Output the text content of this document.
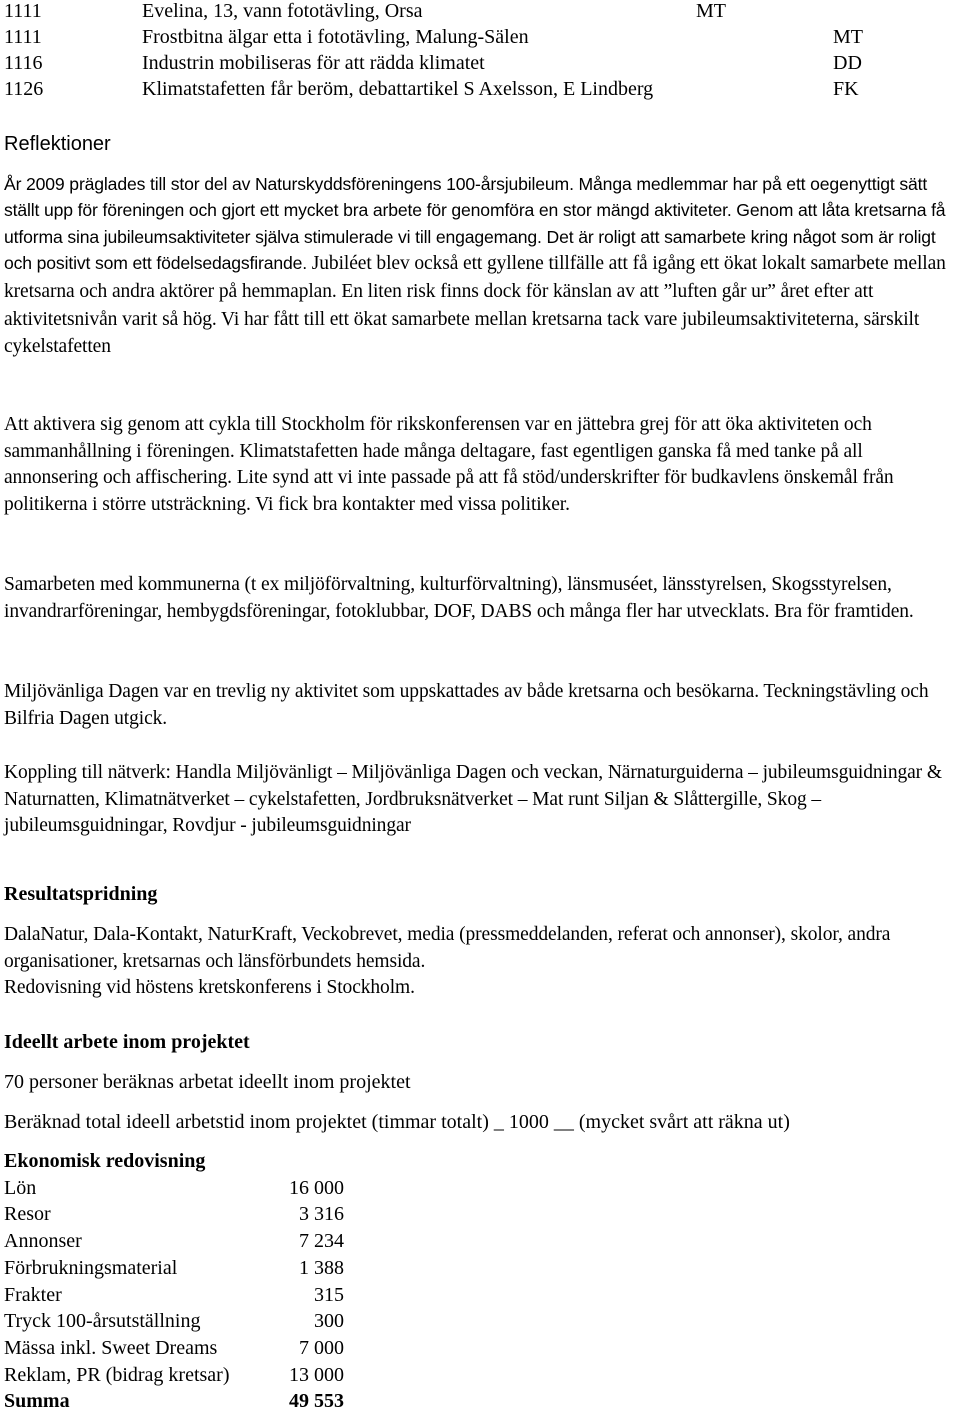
1111	Evelina, 13, vann fototävling, Orsa	MT
1111	Frostbitna älgar etta i fototävling, Malung-Sälen	MT
1116	Industrin mobiliseras för att rädda klimatet	DD
1126	Klimatstafetten får beröm, debattartikel S Axelsson, E Lindberg	FK
Reflektioner
År 2009 präglades till stor del av Naturskyddsföreningens 100-årsjubileum. Många medlemmar har på ett oegenyttigt sätt ställt upp för föreningen och gjort ett mycket bra arbete för genomföra en stor mängd aktiviteter. Genom att låta kretsarna få utforma sina jubileumsaktiviteter själva stimulerade vi till engagemang. Det är roligt att samarbete kring något som är roligt och positivt som ett födelsedagsfirande. Jubiléet blev också ett gyllene tillfälle att få igång ett ökat lokalt samarbete mellan kretsarna och andra aktörer på hemmaplan. En liten risk finns dock för känslan av att ”luften går ur” året efter att aktivitetsnivån varit så hög. Vi har fått till ett ökat samarbete mellan kretsarna tack vare jubileumsaktiviteterna, särskilt cykelstafetten
Att aktivera sig genom att cykla till Stockholm för rikskonferensen var en jättebra grej för att öka aktiviteten och sammanhållning i föreningen. Klimatstafetten hade många deltagare, fast egentligen ganska få med tanke på all annonsering och affischering. Lite synd att vi inte passade på att få stöd/underskrifter för budkavlens önskemål från politikerna i större utsträckning. Vi fick bra kontakter med vissa politiker.
Samarbeten med kommunerna (t ex miljöförvaltning, kulturförvaltning), länsmuséet, länsstyrelsen, Skogsstyrelsen, invandrarföreningar, hembygdsföreningar, fotoklubbar, DOF, DABS och många fler har utvecklats. Bra för framtiden.
Miljövänliga Dagen var en trevlig ny aktivitet som uppskattades av både kretsarna och besökarna. Teckningstävling och Bilfria Dagen utgick.
Koppling till nätverk: Handla Miljövänligt – Miljövänliga Dagen och veckan, Närnaturguiderna – jubileumsguidningar & Naturnatten, Klimatnätverket – cykelstafetten, Jordbruksnätverket – Mat runt Siljan & Slåttergille, Skog – jubileumsguidningar, Rovdjur - jubileumsguidningar
Resultatspridning
DalaNatur, Dala-Kontakt, NaturKraft, Veckobrevet, media (pressmeddelanden, referat och annonser), skolor, andra organisationer, kretsarnas och länsförbundets hemsida.
Redovisning vid höstens kretskonferens i Stockholm.
Ideellt arbete inom projektet
70 personer beräknas arbetat ideellt inom projektet
Beräknad total ideell arbetstid inom projektet (timmar totalt) _ 1000 __ (mycket svårt att räkna ut)
Ekonomisk redovisning	
Lön	16 000
Resor	3 316
Annonser	7 234
Förbrukningsmaterial	1 388
Frakter	315
Tryck 100-årsutställning	300
Mässa inkl. Sweet Dreams	7 000
Reklam, PR (bidrag kretsar)	13 000
Summa	49 553
